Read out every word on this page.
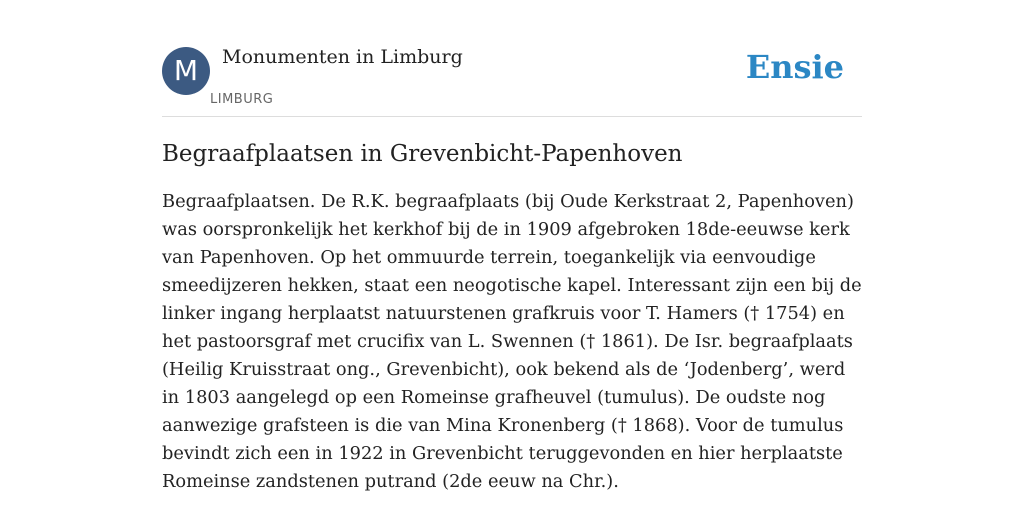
M	Monumenten in Limburg
LIMBURG
Ensie
Begraafplaatsen in Grevenbicht-Papenhoven

Begraafplaatsen. De R.K. begraafplaats (bij Oude Kerkstraat 2, Papenhoven) was oorspronkelijk het kerkhof bij de in 1909 afgebroken 18de-eeuwse kerk van Papenhoven. Op het ommuurde terrein, toegankelijk via eenvoudige smeedijzeren hekken, staat een neogotische kapel. Interessant zijn een bij de linker ingang herplaatst natuurstenen grafkruis voor T. Hamers († 1754) en het pastoorsgraf met crucifix van L. Swennen († 1861). De Isr. begraafplaats (Heilig Kruisstraat ong., Grevenbicht), ook bekend als de ‘Jodenberg’, werd in 1803 aangelegd op een Romeinse grafheuvel (tumulus). De oudste nog aanwezige grafsteen is die van Mina Kronenberg († 1868). Voor de tumulus bevindt zich een in 1922 in Grevenbicht teruggevonden en hier herplaatste Romeinse zandstenen putrand (2de eeuw na Chr.).
